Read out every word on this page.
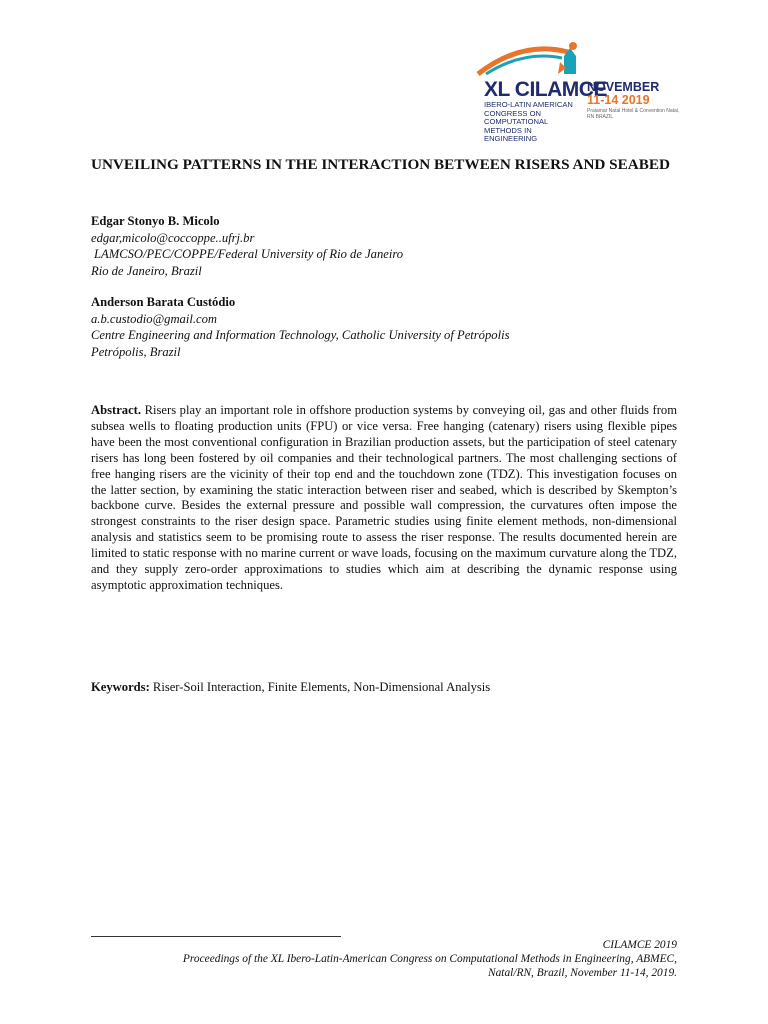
XL CILAMCE
IBERO-LATIN AMERICAN CONGRESS ON COMPUTATIONAL METHODS IN ENGINEERING
NOVEMBER
11-14 2019
Praiamar Natal Hotel & Convention Natal, RN BRAZIL
UNVEILING PATTERNS IN THE INTERACTION BETWEEN RISERS AND SEABED
Edgar Stonyo B. Micolo
edgar,micolo@coccoppe..ufrj.br
LAMCSO/PEC/COPPE/Federal University of Rio de Janeiro
Rio de Janeiro, Brazil
Anderson Barata Custódio
a.b.custodio@gmail.com
Centre Engineering and Information Technology, Catholic University of Petrópolis
Petrópolis, Brazil

Abstract. Risers play an important role in offshore production systems by conveying oil, gas and other fluids from subsea wells to floating production units (FPU) or vice versa. Free hanging (catenary) risers using flexible pipes have been the most conventional configuration in Brazilian production assets, but the participation of steel catenary risers has long been fostered by oil companies and their technological partners. The most challenging sections of free hanging risers are the vicinity of their top end and the touchdown zone (TDZ). This investigation focuses on the latter section, by examining the static interaction between riser and seabed, which is described by Skempton’s backbone curve. Besides the external pressure and possible wall compression, the curvatures often impose the strongest constraints to the riser design space. Parametric studies using finite element methods, non-dimensional analysis and statistics seem to be promising route to assess the riser response. The results documented herein are limited to static response with no marine current or wave loads, focusing on the maximum curvature along the TDZ, and they supply zero-order approximations to studies which aim at describing the dynamic response using asymptotic approximation techniques.

Keywords: Riser-Soil Interaction, Finite Elements, Non-Dimensional Analysis

CILAMCE 2019
Proceedings of the XL Ibero-Latin-American Congress on Computational Methods in Engineering, ABMEC,
Natal/RN, Brazil, November 11-14, 2019.
